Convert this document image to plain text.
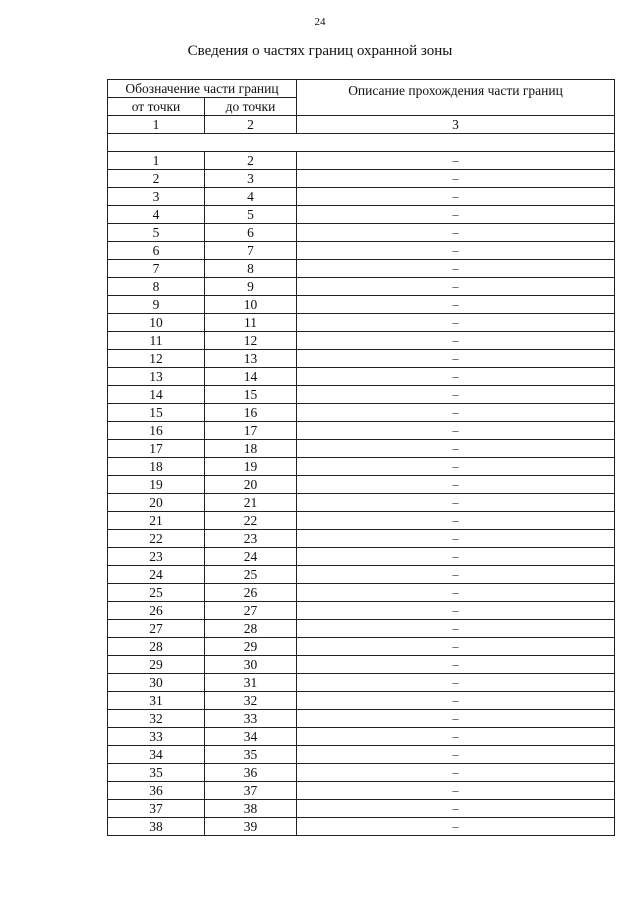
24
Сведения о частях границ охранной зоны
Обозначение части границ		Описание прохождения части границ
от точки	до точки	
1	2	3

1	2	–
2	3	–
3	4	–
4	5	–
5	6	–
6	7	–
7	8	–
8	9	–
9	10	–
10	11	–
11	12	–
12	13	–
13	14	–
14	15	–
15	16	–
16	17	–
17	18	–
18	19	–
19	20	–
20	21	–
21	22	–
22	23	–
23	24	–
24	25	–
25	26	–
26	27	–
27	28	–
28	29	–
29	30	–
30	31	–
31	32	–
32	33	–
33	34	–
34	35	–
35	36	–
36	37	–
37	38	–
38	39	–
